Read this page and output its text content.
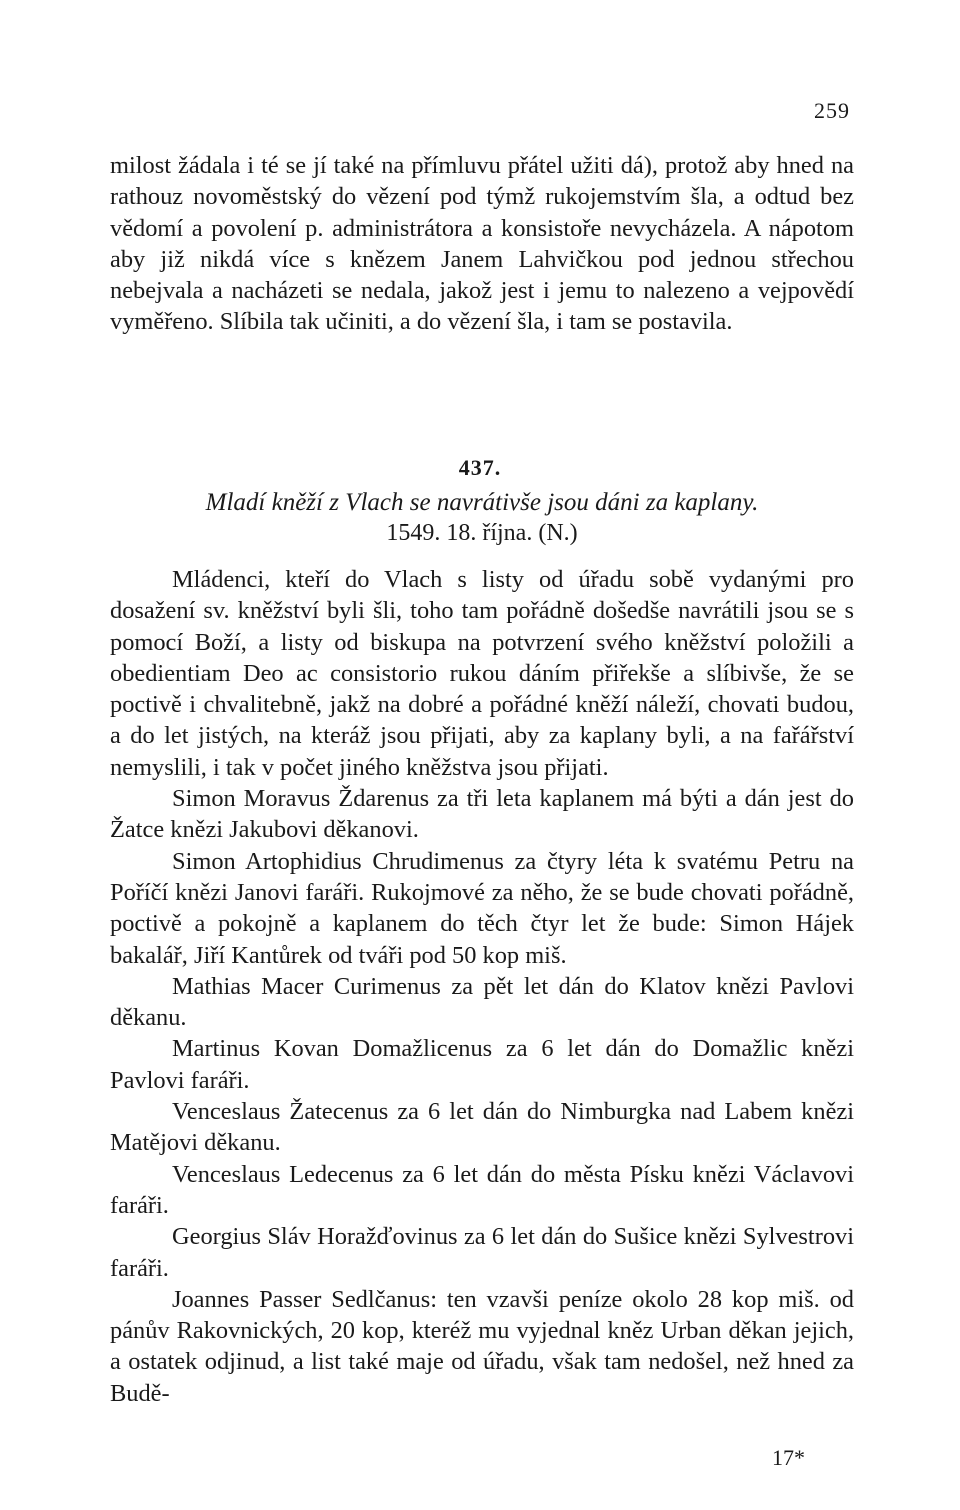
259

milost žádala i té se jí také na přímluvu přátel užiti dá), protož aby hned na rathouz novoměstský do vězení pod týmž rukojemstvím šla, a odtud bez vědomí a povolení p. administrátora a konsistoře nevycházela. A nápotom aby již nikdá více s knězem Janem Lahvičkou pod jednou střechou nebejvala a nacházeti se nedala, jakož jest i jemu to nalezeno a vejpovědí vyměřeno. Slíbila tak učiniti, a do vězení šla, i tam se postavila.

437.
Mladí kněží z Vlach se navrátivše jsou dáni za kaplany.
1549. 18. října. (N.)

Mládenci, kteří do Vlach s listy od úřadu sobě vydanými pro dosažení sv. kněžství byli šli, toho tam pořádně došedše navrátili jsou se s pomocí Boží, a listy od biskupa na potvrzení svého kněžství položili a obedientiam Deo ac consistorio rukou dáním přiřekše a slíbivše, že se poctivě i chvalitebně, jakž na dobré a pořádné kněží náleží, chovati budou, a do let jistých, na kteráž jsou přijati, aby za kaplany byli, a na fařářství nemyslili, i tak v počet jiného kněžstva jsou přijati.

Simon Moravus Ždarenus za tři leta kaplanem má býti a dán jest do Žatce knězi Jakubovi děkanovi.

Simon Artophidius Chrudimenus za čtyry léta k svatému Petru na Poříčí knězi Janovi faráři. Rukojmové za něho, že se bude chovati pořádně, poctivě a pokojně a kaplanem do těch čtyr let že bude: Simon Hájek bakalář, Jiří Kantůrek od tváři pod 50 kop miš.

Mathias Macer Curimenus za pět let dán do Klatov knězi Pavlovi děkanu.

Martinus Kovan Domažlicenus za 6 let dán do Domažlic knězi Pavlovi faráři.

Venceslaus Žatecenus za 6 let dán do Nimburgka nad Labem knězi Matějovi děkanu.

Venceslaus Ledecenus za 6 let dán do města Písku knězi Václavovi faráři.

Georgius Sláv Horažďovinus za 6 let dán do Sušice knězi Sylvestrovi faráři.

Joannes Passer Sedlčanus: ten vzavši peníze okolo 28 kop miš. od pánův Rakovnických, 20 kop, kteréž mu vyjednal kněz Urban děkan jejich, a ostatek odjinud, a list také maje od úřadu, však tam nedošel, než hned za Budě-

17*
